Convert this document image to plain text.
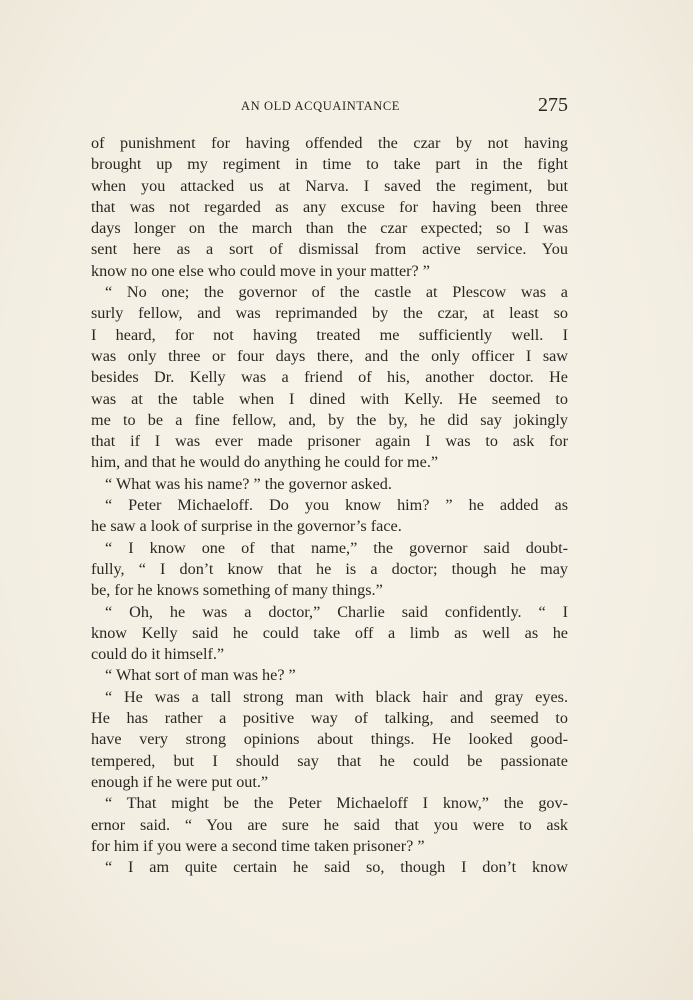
AN OLD ACQUAINTANCE	275
of punishment for having offended the czar by not having
brought up my regiment in time to take part in the fight
when you attacked us at Narva. I saved the regiment, but
that was not regarded as any excuse for having been three
days longer on the march than the czar expected; so I was
sent here as a sort of dismissal from active service. You
know no one else who could move in your matter? ”
“ No one; the governor of the castle at Plescow was a
surly fellow, and was reprimanded by the czar, at least so
I heard, for not having treated me sufficiently well. I
was only three or four days there, and the only officer I saw
besides Dr. Kelly was a friend of his, another doctor. He
was at the table when I dined with Kelly. He seemed to
me to be a fine fellow, and, by the by, he did say jokingly
that if I was ever made prisoner again I was to ask for
him, and that he would do anything he could for me.”
“ What was his name? ” the governor asked.
“ Peter Michaeloff. Do you know him? ” he added as
he saw a look of surprise in the governor’s face.
“ I know one of that name,” the governor said doubt-
fully, “ I don’t know that he is a doctor; though he may
be, for he knows something of many things.”
“ Oh, he was a doctor,” Charlie said confidently. “ I
know Kelly said he could take off a limb as well as he
could do it himself.”
“ What sort of man was he? ”
“ He was a tall strong man with black hair and gray eyes.
He has rather a positive way of talking, and seemed to
have very strong opinions about things. He looked good-
tempered, but I should say that he could be passionate
enough if he were put out.”
“ That might be the Peter Michaeloff I know,” the gov-
ernor said. “ You are sure he said that you were to ask
for him if you were a second time taken prisoner? ”
“ I am quite certain he said so, though I don’t know
